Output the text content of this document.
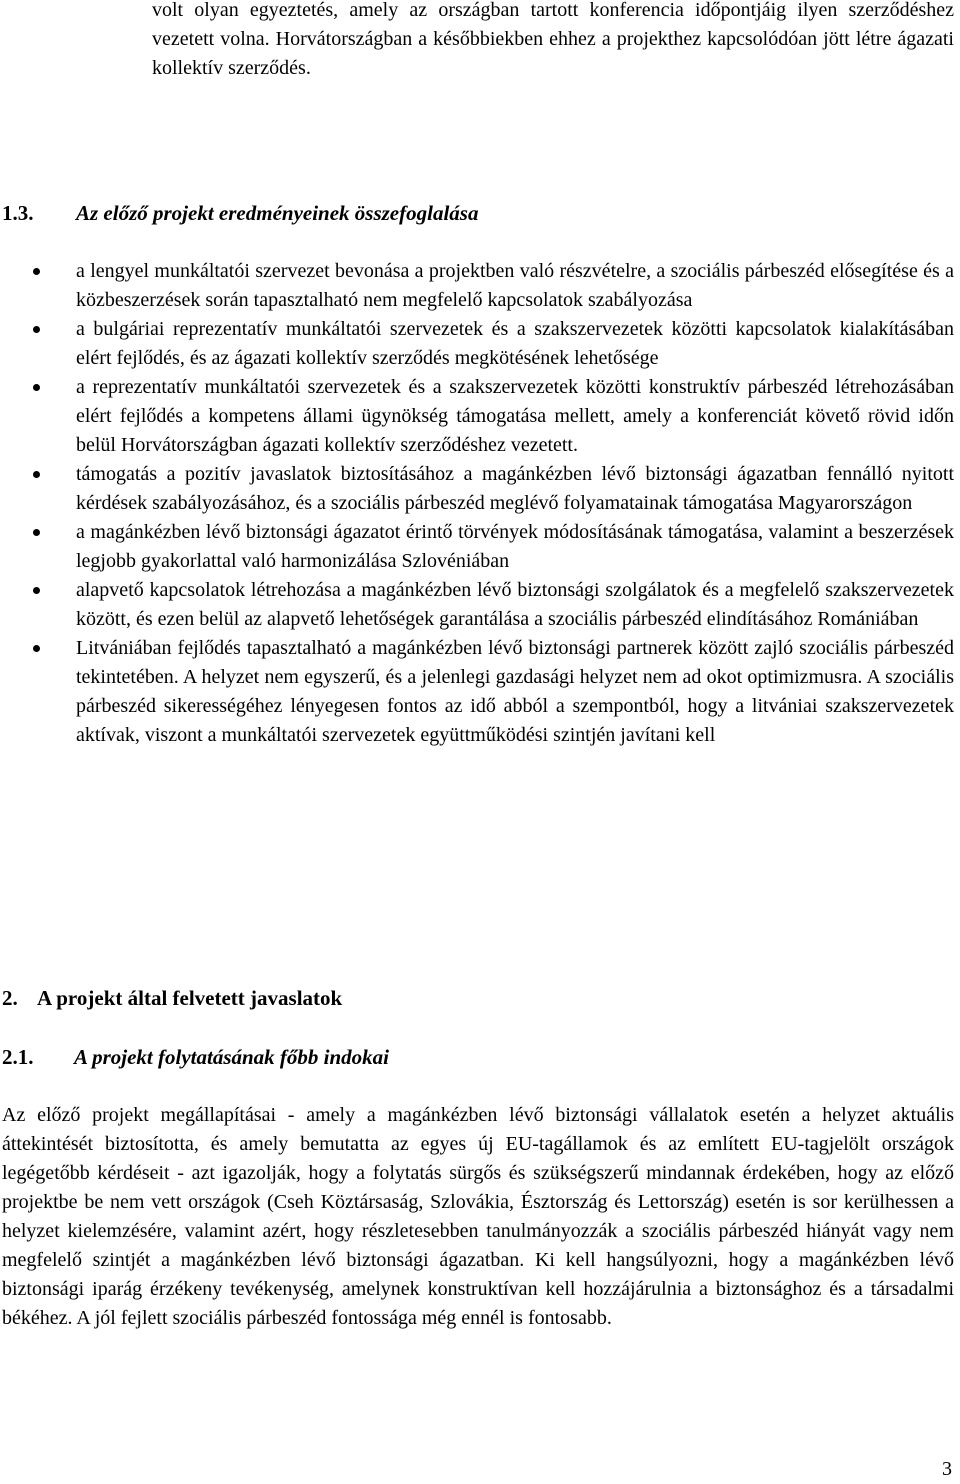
volt olyan egyeztetés, amely az országban tartott konferencia időpontjáig ilyen szerződéshez vezetett volna. Horvátországban a későbbiekben ehhez a projekthez kapcsolódóan jött létre ágazati kollektív szerződés.

1.3. Az előző projekt eredményeinek összefoglalása
a lengyel munkáltatói szervezet bevonása a projektben való részvételre, a szociális párbeszéd elősegítése és a közbeszerzések során tapasztalható nem megfelelő kapcsolatok szabályozása
a bulgáriai reprezentatív munkáltatói szervezetek és a szakszervezetek közötti kapcsolatok kialakításában elért fejlődés, és az ágazati kollektív szerződés megkötésének lehetősége
a reprezentatív munkáltatói szervezetek és a szakszervezetek közötti konstruktív párbeszéd létrehozásában elért fejlődés a kompetens állami ügynökség támogatása mellett, amely a konferenciát követő rövid időn belül Horvátországban ágazati kollektív szerződéshez vezetett.
támogatás a pozitív javaslatok biztosításához a magánkézben lévő biztonsági ágazatban fennálló nyitott kérdések szabályozásához, és a szociális párbeszéd meglévő folyamatainak támogatása Magyarországon
a magánkézben lévő biztonsági ágazatot érintő törvények módosításának támogatása, valamint a beszerzések legjobb gyakorlattal való harmonizálása Szlovéniában
alapvető kapcsolatok létrehozása a magánkézben lévő biztonsági szolgálatok és a megfelelő szakszervezetek között, és ezen belül az alapvető lehetőségek garantálása a szociális párbeszéd elindításához Romániában
Litvániában fejlődés tapasztalható a magánkézben lévő biztonsági partnerek között zajló szociális párbeszéd tekintetében. A helyzet nem egyszerű, és a jelenlegi gazdasági helyzet nem ad okot optimizmusra. A szociális párbeszéd sikerességéhez lényegesen fontos az idő abból a szempontból, hogy a litvániai szakszervezetek aktívak, viszont a munkáltatói szervezetek együttműködési szintjén javítani kell
2. A projekt által felvetett javaslatok
2.1. A projekt folytatásának főbb indokai

Az előző projekt megállapításai - amely a magánkézben lévő biztonsági vállalatok esetén a helyzet aktuális áttekintését biztosította, és amely bemutatta az egyes új EU-tagállamok és az említett EU-tagjelölt országok legégetőbb kérdéseit - azt igazolják, hogy a folytatás sürgős és szükségszerű mindannak érdekében, hogy az előző projektbe be nem vett országok (Cseh Köztársaság, Szlovákia, Észtország és Lettország) esetén is sor kerülhessen a helyzet kielemzésére, valamint azért, hogy részletesebben tanulmányozzák a szociális párbeszéd hiányát vagy nem megfelelő szintjét a magánkézben lévő biztonsági ágazatban. Ki kell hangsúlyozni, hogy a magánkézben lévő biztonsági iparág érzékeny tevékenység, amelynek konstruktívan kell hozzájárulnia a biztonsághoz és a társadalmi békéhez. A jól fejlett szociális párbeszéd fontossága még ennél is fontosabb.

3
